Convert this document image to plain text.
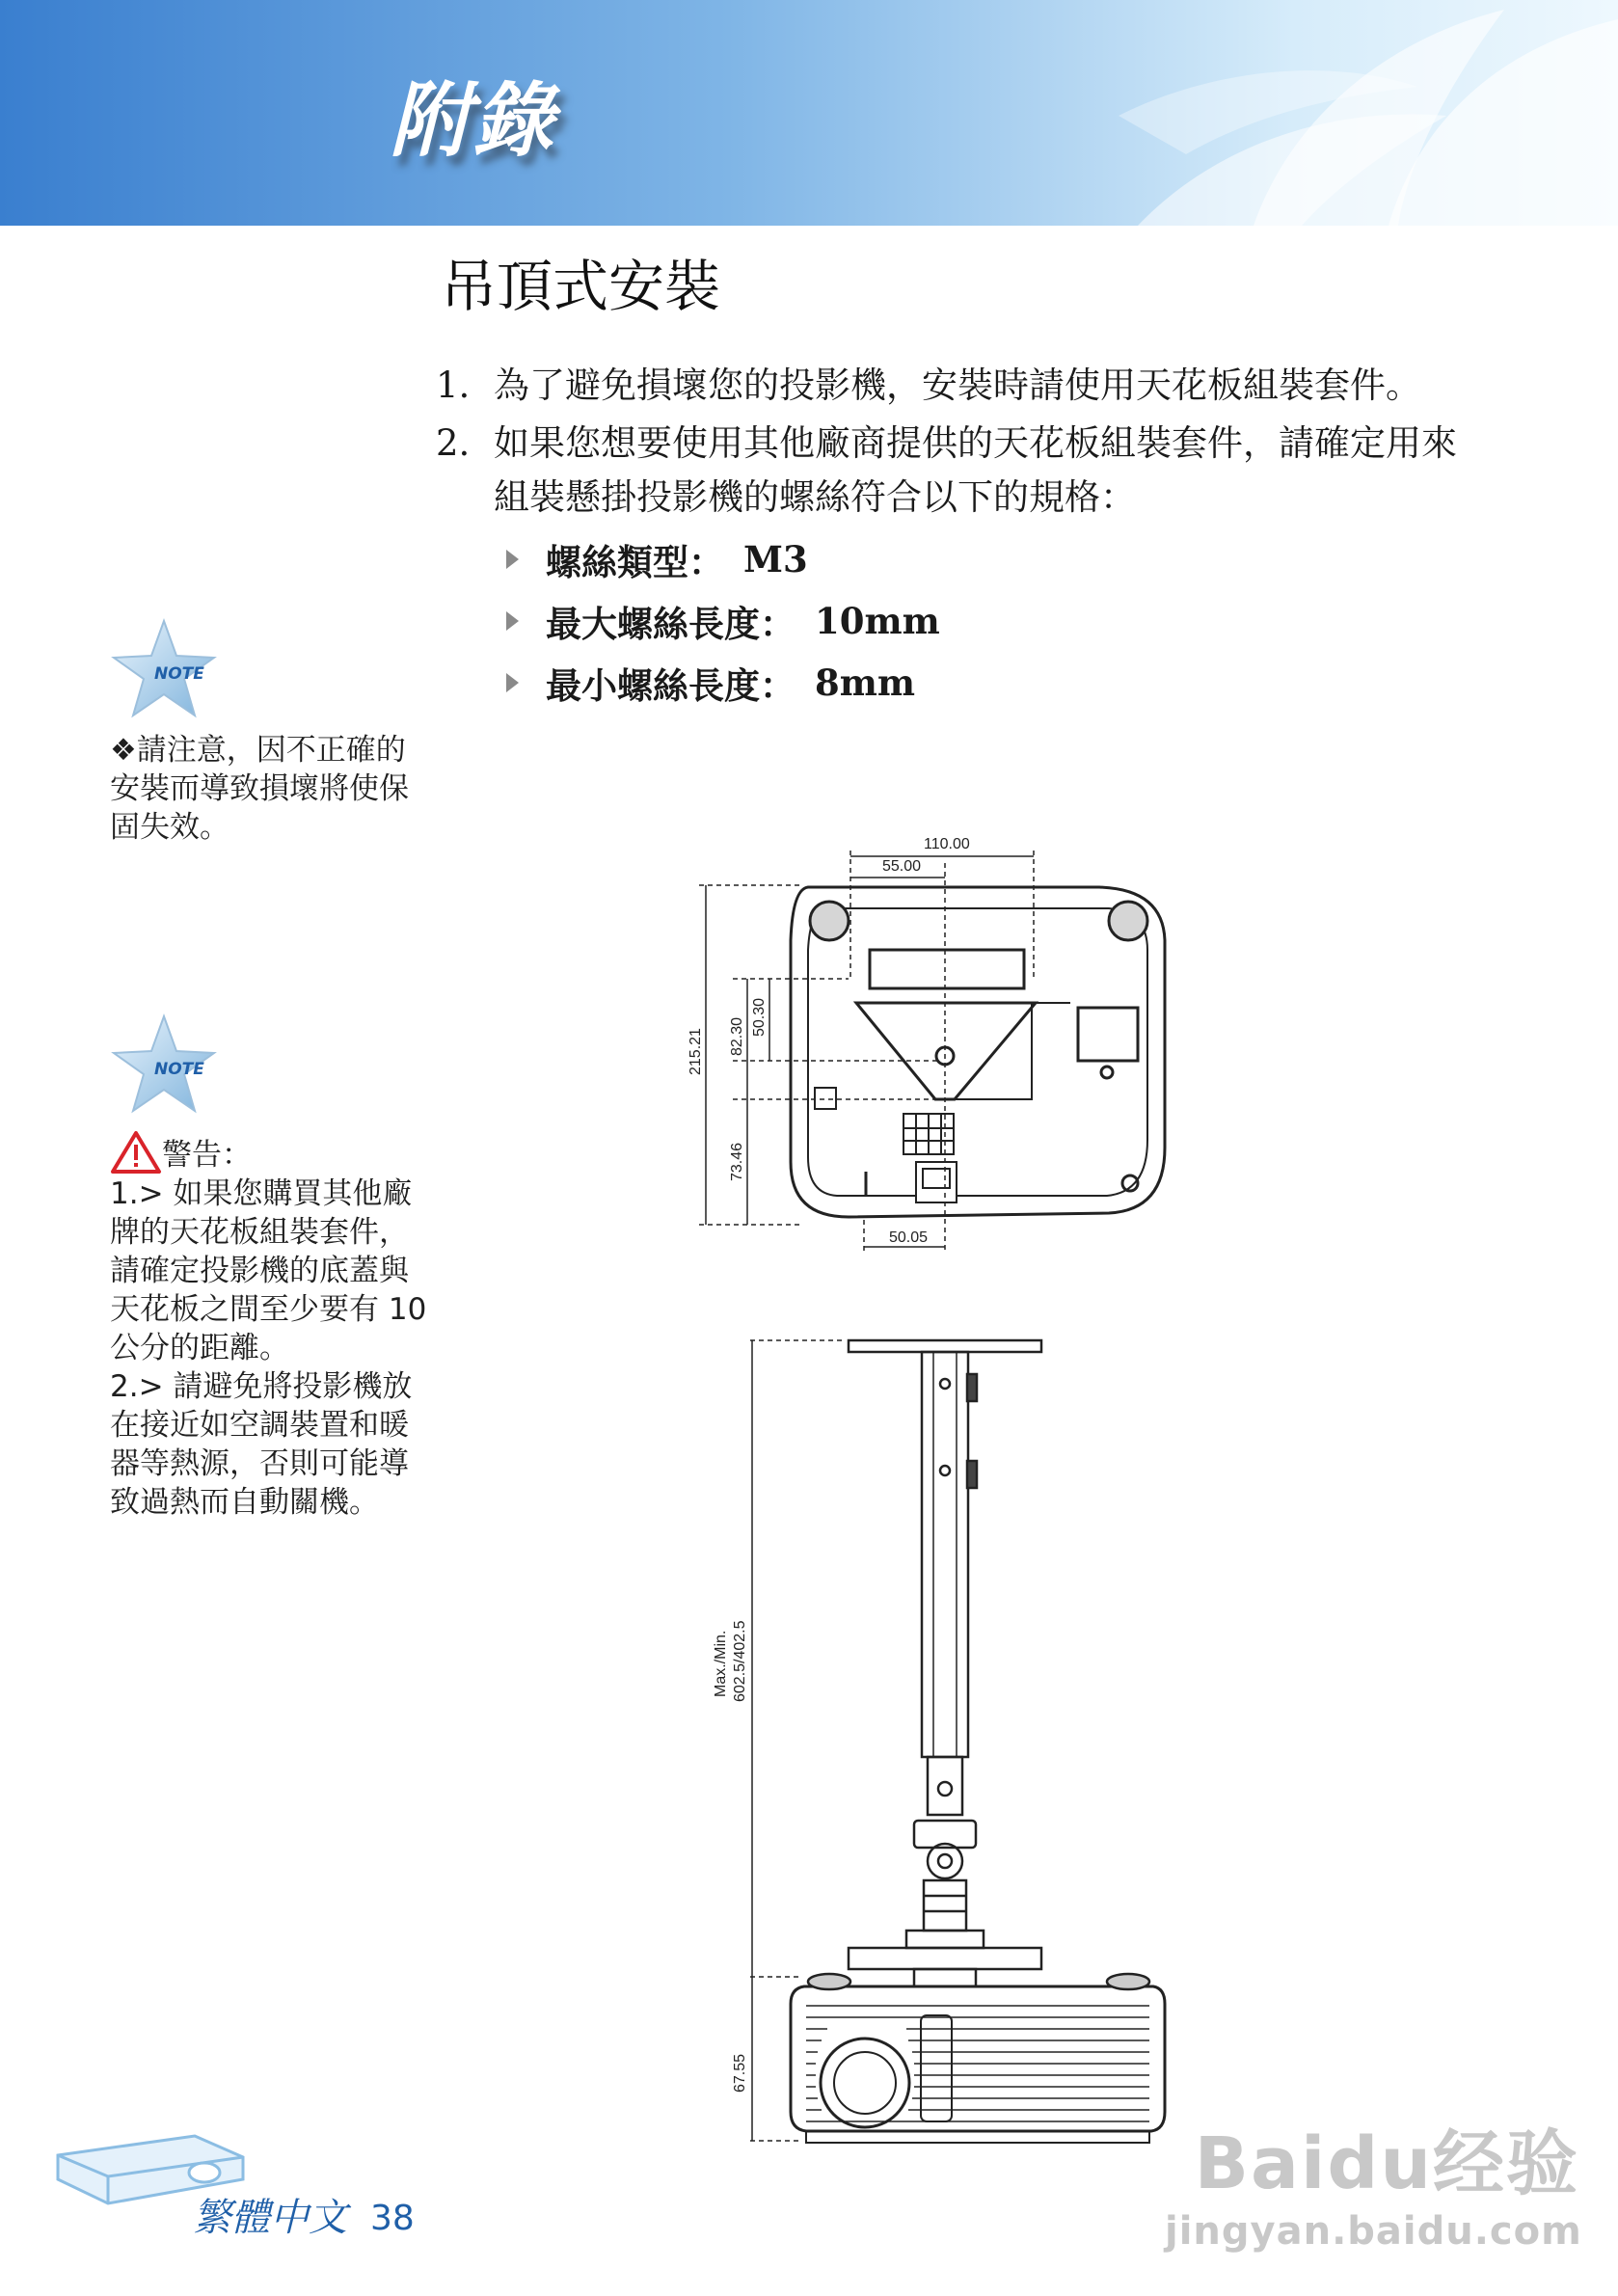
附錄
吊頂式安裝
1. 為了避免損壞您的投影機，安裝時請使用天花板組裝套件。
2. 如果您想要使用其他廠商提供的天花板組裝套件，請確定用來組裝懸掛投影機的螺絲符合以下的規格：
螺絲類型： M3
最大螺絲長度： 10mm
最小螺絲長度： 8mm
NOTE
❖請注意，因不正確的安裝而導致損壞將使保固失效。
NOTE
警告：
1.> 如果您購買其他廠牌的天花板組裝套件，請確定投影機的底蓋與天花板之間至少要有 10 公分的距離。
2.> 請避免將投影機放在接近如空調裝置和暖器等熱源，否則可能導致過熱而自動關機。
110.00
55.00
50.05
215.21 82.30 50.30
73.46
Max./Min. 602.5/402.5
67.55
繁體中文 38
Baidu经验
jingyan.baidu.com
